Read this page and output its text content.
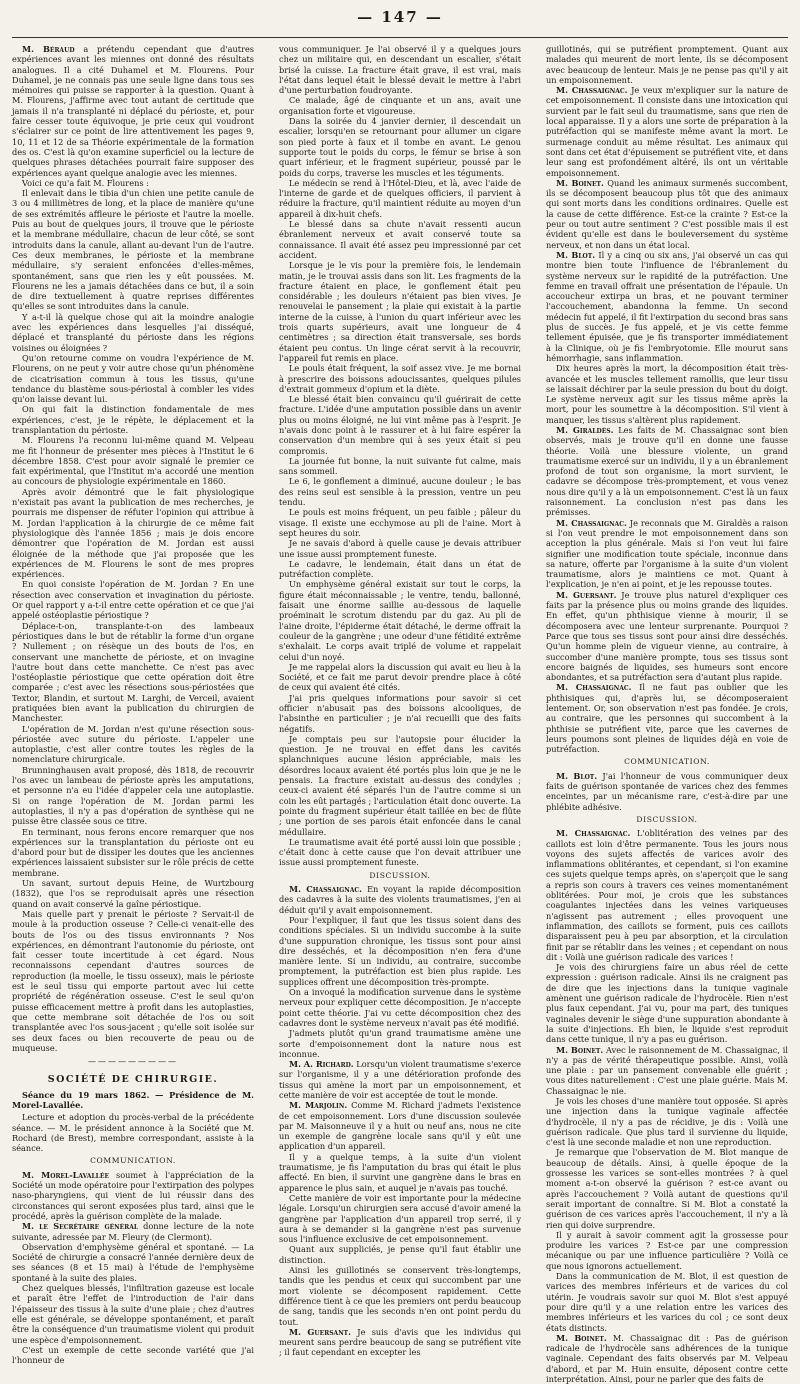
— 147 —

M. Béraud a prétendu cependant que d'autres expériences avant les miennes ont donné des résultats analogues. Il a cité Duhamel et M. Flourens. Pour Duhamel, je ne connais pas une seule ligne dans tous ses mémoires qui puisse se rapporter à la question. Quant à M. Flourens, j'affirme avec tout autant de certitude que jamais il n'a transplanté ni déplacé du périoste, et, pour faire cesser toute équivoque, je prie ceux qui voudront s'éclairer sur ce point de lire attentivement les pages 9, 10, 11 et 12 de sa Théorie expérimentale de la formation des os. C'est là qu'on examine superficiel ou la lecture de quelques phrases détachées pourrait faire supposer des expériences ayant quelque analogie avec les miennes.

Voici ce qu'a fait M. Flourens :

Il enlevait dans le tibia d'un chien une petite canule de 3 ou 4 millimètres de long, et la place de manière qu'une de ses extrémités affleure le périoste et l'autre la moelle. Puis au bout de quelques jours, il trouve que le périoste et la membrane médullaire, chacun de leur côté, se sont introduits dans la canule, allant au-devant l'un de l'autre. Ces deux membranes, le périoste et la membrane médullaire, s'y seraient enfoncées d'elles-mêmes, spontanément, sans que rien les y eût poussées. M. Flourens ne les a jamais détachées dans ce but, il a soin de dire textuellement à quatre reprises différentes qu'elles se sont introduites dans la canule.

Y a-t-il là quelque chose qui ait la moindre analogie avec les expériences dans lesquelles j'ai disséqué, déplacé et transplanté du périoste dans les régions voisines ou éloignées ?

Qu'on retourne comme on voudra l'expérience de M. Flourens, on ne peut y voir autre chose qu'un phénomène de cicatrisation commun à tous les tissus, qu'une tendance du blastème sous-périostal à combler les vides qu'on laisse devant lui.

On qui fait la distinction fondamentale de mes expériences, c'est, je le répète, le déplacement et la transplantation du périoste.

M. Flourens l'a reconnu lui-même quand M. Velpeau me fit l'honneur de présenter mes pièces à l'Institut le 6 décembre 1858. C'est pour avoir signalé le premier ce fait expérimental, que l'Institut m'a accordé une mention au concours de physiologie expérimentale en 1860.

Après avoir démontré que le fait physiologique n'existait pas avant la publication de mes recherches, je pourrais me dispenser de réfuter l'opinion qui attribue à M. Jordan l'application à la chirurgie de ce même fait physiologique dès l'année 1856 ; mais je dois encore démontrer que l'opération de M. Jordan est aussi éloignée de la méthode que j'ai proposée que les expériences de M. Flourens le sont de mes propres expériences.

En quoi consiste l'opération de M. Jordan ? En une résection avec conservation et invagination du périoste. Or quel rapport y a-t-il entre cette opération et ce que j'ai appelé ostéoplastie périostique ?

Déplace-t-on, transplante-t-on des lambeaux périostiques dans le but de rétablir la forme d'un organe ? Nullement ; on résèque un des bouts de l'os, en conservant une manchette de périoste, et on invagine l'autre bout dans cette manchette. Ce n'est pas avec l'ostéoplastie périostique que cette opération doit être comparée ; c'est avec les résections sous-périostées que Textor, Blandin, et surtout M. Larghi, de Verceil, avaient pratiquées bien avant la publication du chirurgien de Manchester.

L'opération de M. Jordan n'est qu'une résection sous-périostée avec suture du périoste. L'appeler une autoplastie, c'est aller contre toutes les règles de la nomenclature chirurgicale.

Brunninghausen avait proposé, dès 1818, de recouvrir l'os avec un lambeau de périoste après les amputations, et personne n'a eu l'idée d'appeler cela une autoplastie. Si on range l'opération de M. Jordan parmi les autoplasties, il n'y a pas d'opération de synthèse qui ne puisse être classée sous ce titre.

En terminant, nous ferons encore remarquer que nos expériences sur la transplantation du périoste ont eu d'abord pour but de dissiper les doutes que les anciennes expériences laissaient subsister sur le rôle précis de cette membrane.

Un savant, surtout depuis Heine, de Wurtzbourg (1832), que l'os se reproduisait après une résection quand on avait conservé la gaîne périostique.

Mais quelle part y prenait le périoste ? Servait-il de moule à la production osseuse ? Celle-ci venait-elle des bouts de l'os ou des tissus environnants ? Nos expériences, en démontrant l'autonomie du périoste, ont fait cesser toute incertitude à cet égard. Nous reconnaissons cependant d'autres sources de reproduction (la moelle, le tissu osseux), mais le périoste est le seul tissu qui emporte partout avec lui cette propriété de régénération osseuse. C'est le seul qu'on puisse efficacement mettre à profit dans les autoplasties, que cette membrane soit détachée de l'os ou soit transplantée avec l'os sous-jacent ; qu'elle soit isolée sur ses deux faces ou bien recouverte de peau ou de muqueuse.

—————————

SOCIÉTÉ DE CHIRURGIE.

Séance du 19 mars 1862. — Présidence de M. Morel-Lavallée.

Lecture et adoption du procès-verbal de la précédente séance. — M. le président annonce à la Société que M. Rochard (de Brest), membre correspondant, assiste à la séance.

COMMUNICATION.

M. Morel-Lavallée soumet à l'appréciation de la Société un mode opératoire pour l'extirpation des polypes naso-pharyngiens, qui vient de lui réussir dans des circonstances qui seront exposées plus tard, ainsi que le procédé, après la guérison complète de la malade.

M. le Secrétaire général donne lecture de la note suivante, adressée par M. Fleury (de Clermont).

Observation d'emphysème général et spontané. — La Société de chirurgie a consacré l'année dernière deux de ses séances (8 et 15 mai) à l'étude de l'emphysème spontané à la suite des plaies.

Chez quelques blessés, l'infiltration gazeuse est locale et paraît être l'effet de l'introduction de l'air dans l'épaisseur des tissus à la suite d'une plaie ; chez d'autres elle est générale, se développe spontanément, et paraît être la conséquence d'un traumatisme violent qui produit une espèce d'empoisonnement.

C'est un exemple de cette seconde variété que j'ai l'honneur de

vous communiquer. Je l'ai observé il y a quelques jours chez un militaire qui, en descendant un escalier, s'était brisé la cuisse. La fracture était grave, il est vrai, mais l'état dans lequel était le blessé devait le mettre à l'abri d'une perturbation foudroyante.

Ce malade, âgé de cinquante et un ans, avait une organisation forte et vigoureuse.

Dans la soirée du 4 janvier dernier, il descendait un escalier, lorsqu'en se retournant pour allumer un cigare son pied porte à faux et il tombe en avant. Le genou supporte tout le poids du corps, le fémur se brise à son quart inférieur, et le fragment supérieur, poussé par le poids du corps, traverse les muscles et les téguments.

Le médecin se rend à l'Hôtel-Dieu, et là, avec l'aide de l'interne de garde et de quelques officiers, il parvient à réduire la fracture, qu'il maintient réduite au moyen d'un appareil à dix-huit chefs.

Le blessé dans sa chute n'avait ressenti aucun ébranlement nerveux et avait conservé toute sa connaissance. Il avait été assez peu impressionné par cet accident.

Lorsque je le vis pour la première fois, le lendemain matin, je le trouvai assis dans son lit. Les fragments de la fracture étaient en place, le gonflement était peu considérable ; les douleurs n'étaient pas bien vives. Je renouvelai le pansement ; la plaie qui existait à la partie interne de la cuisse, à l'union du quart inférieur avec les trois quarts supérieurs, avait une longueur de 4 centimètres ; sa direction était transversale, ses bords étaient peu contus. Un linge cérat servit à la recouvrir, l'appareil fut remis en place.

Le pouls était fréquent, la soif assez vive. Je me bornai à prescrire des boissons adoucissantes, quelques pilules d'extrait gommeux d'opium et la diète.

Le blessé était bien convaincu qu'il guérirait de cette fracture. L'idée d'une amputation possible dans un avenir plus ou moins éloigné, ne lui vint même pas à l'esprit. Je n'avais donc point à le rassurer et à lui faire espérer la conservation d'un membre qui à ses yeux était si peu compromis.

La journée fut bonne, la nuit suivante fut calme, mais sans sommeil.

Le 6, le gonflement a diminué, aucune douleur ; le bas des reins seul est sensible à la pression, ventre un peu tendu.

Le pouls est moins fréquent, un peu faible ; pâleur du visage. Il existe une ecchymose au pli de l'aine. Mort à sept heures du soir.

Je ne savais d'abord à quelle cause je devais attribuer une issue aussi promptement funeste.

Le cadavre, le lendemain, était dans un état de putréfaction complète.

Un emphysème général existait sur tout le corps, la figure était méconnaissable ; le ventre, tendu, ballonné, faisait une énorme saillie au-dessous de laquelle proéminait le scrotum distendu par du gaz. Au pli de l'aine droite, l'épiderme était détaché, le derme offrait la couleur de la gangrène ; une odeur d'une fétidité extrême s'exhalait. Le corps avait triplé de volume et rappelait celui d'un noyé.

Je me rappelai alors la discussion qui avait eu lieu à la Société, et ce fait me parut devoir prendre place à côté de ceux qui avaient été cités.

J'ai pris quelques informations pour savoir si cet officier n'abusait pas des boissons alcooliques, de l'absinthe en particulier ; je n'ai recueilli que des faits négatifs.

Je comptais peu sur l'autopsie pour élucider la question. Je ne trouvai en effet dans les cavités splanchniques aucune lésion appréciable, mais les désordres locaux avaient été portés plus loin que je ne le pensais. La fracture existait au-dessus des condyles ; ceux-ci avaient été séparés l'un de l'autre comme si un coin les eût partagés ; l'articulation était donc ouverte. La pointe du fragment supérieur était taillée en bec de flûte ; une portion de ses parois était enfoncée dans le canal médullaire.

Le traumatisme avait été porté aussi loin que possible ; c'était donc à cette cause que l'on devait attribuer une issue aussi promptement funeste.

DISCUSSION.

M. Chassaignac. En voyant la rapide décomposition des cadavres à la suite des violents traumatismes, j'en ai déduit qu'il y avait empoisonnement.

Pour l'expliquer, il faut que les tissus soient dans des conditions spéciales. Si un individu succombe à la suite d'une suppuration chronique, les tissus sont pour ainsi dire desséchés, et la décomposition n'en fera d'une manière lente. Si un individu, au contraire, succombe promptement, la putréfaction est bien plus rapide. Les supplices offrent une décomposition très-prompte.

On a invoqué la modification survenue dans le système nerveux pour expliquer cette décomposition. Je n'accepte point cette théorie. J'ai vu cette décomposition chez des cadavres dont le système nerveux n'avait pas été modifié.

J'admets plutôt qu'un grand traumatisme amène une sorte d'empoisonnement dont la nature nous est inconnue.

M. A. Richard. Lorsqu'un violent traumatisme s'exerce sur l'organisme, il y a une détérioration profonde des tissus qui amène la mort par un empoisonnement, et cette manière de voir est acceptée de tout le monde.

M. Marjolin. Comme M. Richard j'admets l'existence de cet empoisonnement. Lors d'une discussion soulevée par M. Maisonneuve il y a huit ou neuf ans, nous ne cite un exemple de gangrène locale sans qu'il y eût une application d'un appareil.

Il y a quelque temps, à la suite d'un violent traumatisme, je fis l'amputation du bras qui était le plus affecté. En bien, il survint une gangrène dans le bras en apparence le plus sain, et auquel je n'avais pas touché.

Cette manière de voir est importante pour la médecine légale. Lorsqu'un chirurgien sera accusé d'avoir amené la gangrène par l'application d'un appareil trop serré, il y aura à se demander si la gangrène n'est pas survenue sous l'influence exclusive de cet empoisonnement.

Quant aux suppliciés, je pense qu'il faut établir une distinction.

Ainsi les guillotinés se conservent très-longtemps, tandis que les pendus et ceux qui succombent par une mort violente se décomposent rapidement. Cette différence tient à ce que les premiers ont perdu beaucoup de sang, tandis que les seconds n'en ont point perdu du tout.

M. Guersant. Je suis d'avis que les individus qui meurent sans perdre beaucoup de sang se putréfient vite ; il faut cependant en excepter les

guillotinés, qui se putréfient promptement. Quant aux malades qui meurent de mort lente, ils se décomposent avec beaucoup de lenteur. Mais je ne pense pas qu'il y ait un empoisonnement.

M. Chassaignac. Je veux m'expliquer sur la nature de cet empoisonnement. Il consiste dans une intoxication qui survient par le fait seul du traumatisme, sans que rien de local apparaisse. Il y a alors une sorte de préparation à la putréfaction qui se manifeste même avant la mort. Le surmenage conduit au même résultat. Les animaux qui sont dans cet état d'épuisement se putréfient vite, et dans leur sang est profondément altéré, ils ont un véritable empoisonnement.

M. Boinet. Quand les animaux surmenés succombent, ils se décomposent beaucoup plus tôt que des animaux qui sont morts dans les conditions ordinaires. Quelle est la cause de cette différence. Est-ce la crainte ? Est-ce la peur ou tout autre sentiment ? C'est possible mais il est évident qu'elle est dans le bouleversement du système nerveux, et non dans un état local.

M. Blot. Il y a cinq ou six ans, j'ai observé un cas qui montre bien toute l'influence de l'ébranlement du système nerveux sur le rapidité de la putréfaction. Une femme en travail offrait une présentation de l'épaule. Un accoucheur extirpa un bras, et ne pouvant terminer l'accouchement, abandonna la femme. Un second médecin fut appelé, il fit l'extirpation du second bras sans plus de succès. Je fus appelé, et je vis cette femme tellement épuisée, que je fis transporter immédiatement à la Clinique, où je fis l'embryotomie. Elle mourut sans hémorrhagie, sans inflammation.

Dix heures après la mort, la décomposition était très-avancée et les muscles tellement ramollis, que leur tissu se laissait déchirer par la seule pression du bout du doigt. Le système nerveux agit sur les tissus même après la mort, pour les soumettre à la décomposition. S'il vient à manquer, les tissus s'altèrent plus rapidement.

M. Giraldès. Les faits de M. Chassaignac sont bien observés, mais je trouve qu'il en donne une fausse théorie. Voilà une blessure violente, un grand traumatisme exercé sur un individu, il y a un ébranlement profond de tout son organisme, la mort survient, le cadavre se décompose très-promptement, et vous venez nous dire qu'il y a là un empoisonnement. C'est là un faux raisonnement. La conclusion n'est pas dans les prémisses.

M. Chassaignac. Je reconnais que M. Giraldès a raison si l'on veut prendre le mot empoisonnement dans son acception la plus générale. Mais si l'on veut lui faire signifier une modification toute spéciale, inconnue dans sa nature, offerte par l'organisme à la suite d'un violent traumatisme, alors je maintiens ce mot. Quant à l'explication, je n'en ai point, et je les repousse toutes.

M. Guersant. Je trouve plus naturel d'expliquer ces faits par la présence plus ou moins grande des liquides. En effet, qu'un phthisique vienne à mourir, il se décomposera avec une lenteur surprenante. Pourquoi ? Parce que tous ses tissus sont pour ainsi dire desséchés. Qu'un homme plein de vigueur vienne, au contraire, à succomber d'une manière prompte, tous ses tissus sont encore baignés de liquides, ses humeurs sont encore abondantes, et sa putréfaction sera d'autant plus rapide.

M. Chassaignac. Il ne faut pas oublier que les phthisiques qui, d'après lui, se décomposeraient lentement. Or, son observation n'est pas fondée. Je crois, au contraire, que les personnes qui succombent à la phthisie se putréfient vite, parce que les cavernes de leurs poumons sont pleines de liquides déjà en voie de putréfaction.

COMMUNICATION.

M. Blot. J'ai l'honneur de vous communiquer deux faits de guérison spontanée de varices chez des femmes enceintes, par un mécanisme rare, c'est-à-dire par une phlébite adhésive.

DISCUSSION.

M. Chassaignac. L'oblitération des veines par des caillots est loin d'être permanente. Tous les jours nous voyons des sujets affectés de varices avoir des inflammations oblitérantes, et cependant, si l'on examine ces sujets quelque temps après, on s'aperçoit que le sang a repris son cours à travers ces veines momentanément oblitérées. Pour moi, je crois que les substances coagulantes injectées dans les veines variqueuses n'agissent pas autrement ; elles provoquent une inflammation, des caillots se forment, puis ces caillots disparaissent peu à peu par absorption, et la circulation finit par se rétablir dans les veines ; et cependant on nous dit : Voilà une guérison radicale des varices !

Je vois des chirurgiens faire un abus réel de cette expression : guérison radicale. Ainsi ils ne craignent pas de dire que les injections dans la tunique vaginale amènent une guérison radicale de l'hydrocèle. Rien n'est plus faux cependant. J'ai vu, pour ma part, des tuniques vaginales devenir le siège d'une suppuration abondante à la suite d'injections. Eh bien, le liquide s'est reproduit dans cette tunique, il n'y a pas eu guérison.

M. Boinet. Avec le raisonnement de M. Chassaignac, il n'y a pas de vérité thérapeutique possible. Ainsi, voilà une plaie : par un pansement convenable elle guérit ; vous dites naturellement : C'est une plaie guérie. Mais M. Chassaignac le nie.

Je vois les choses d'une manière tout opposée. Si après une injection dans la tunique vaginale affectée d'hydrocèle, il n'y a pas de récidive, je dis : Voilà une guérison radicale. Que plus tard il survienne du liquide, c'est là une seconde maladie et non une reproduction.

Je remarque que l'observation de M. Blot manque de beaucoup de détails. Ainsi, à quelle époque de la grossesse les varices se sont-elles montrées ? à quel moment a-t-on observé la guérison ? est-ce avant ou après l'accouchement ? Voilà autant de questions qu'il serait important de connaître. Si M. Blot a constaté la guérison de ces varices après l'accouchement, il n'y a là rien qui doive surprendre.

Il y aurait à savoir comment agit la grossesse pour produire les varices ? Est-ce par une compression mécanique ou par une influence particulière ? Voilà ce que nous ignorons actuellement.

Dans la communication de M. Blot, il est question de varices des membres inférieurs et de varices du col utérin. Je voudrais savoir sur quoi M. Blot s'est appuyé pour dire qu'il y a une relation entre les varices des membres inférieurs et les varices du col ; ce sont deux états distincts.

M. Boinet. M. Chassaignac dit : Pas de guérison radicale de l'hydrocèle sans adhérences de la tunique vaginale. Cependant des faits observés par M. Velpeau d'abord, et par M. Huin ensuite, déposent contre cette interprétation. Ainsi, pour ne parler que des faits de
